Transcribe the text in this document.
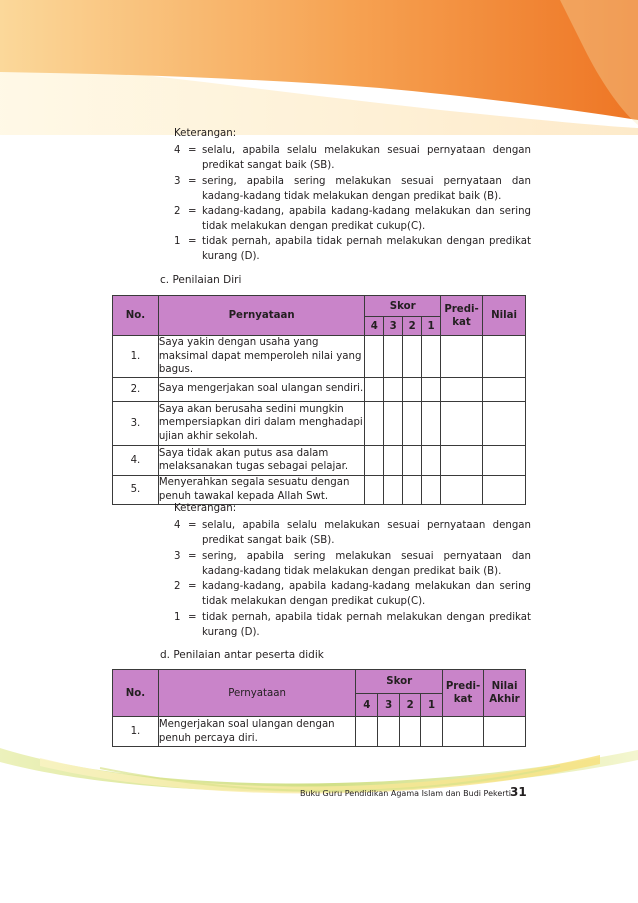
Keterangan:
4 = selalu, apabila selalu melakukan sesuai pernyataan dengan predikat sangat baik (SB).
3 = sering, apabila sering melakukan sesuai pernyataan dan kadang-kadang tidak melakukan dengan predikat baik (B).
2 = kadang-kadang, apabila kadang-kadang melakukan dan sering tidak melakukan dengan predikat cukup(C).
1 = tidak pernah, apabila tidak pernah melakukan dengan predikat kurang (D).
c. Penilaian Diri
No.	Pernyataan	Skor				Predi-kat	Nilai
		4	3	2	1		
1.	Saya yakin dengan usaha yang maksimal dapat memperoleh nilai yang bagus.						
2.	Saya mengerjakan soal ulangan sendiri.						
3.	Saya akan berusaha sedini mungkin mempersiapkan diri dalam menghadapi ujian akhir sekolah.						
4.	Saya tidak akan putus asa dalam melaksanakan tugas sebagai pelajar.						
5.	Menyerahkan segala sesuatu dengan penuh tawakal kepada Allah Swt.						
Keterangan:
4 = selalu, apabila selalu melakukan sesuai pernyataan dengan predikat sangat baik (SB).
3 = sering, apabila sering melakukan sesuai pernyataan dan kadang-kadang tidak melakukan dengan predikat baik (B).
2 = kadang-kadang, apabila kadang-kadang melakukan dan sering tidak melakukan dengan predikat cukup(C).
1 = tidak pernah, apabila tidak pernah melakukan dengan predikat kurang (D).
d. Penilaian antar peserta didik
No.	Pernyataan	Skor				Predi-kat	Nilai Akhir
		4	3	2	1		
1.	Mengerjakan soal ulangan dengan penuh percaya diri.						
Buku Guru Pendidikan Agama Islam dan Budi Pekerti 31
